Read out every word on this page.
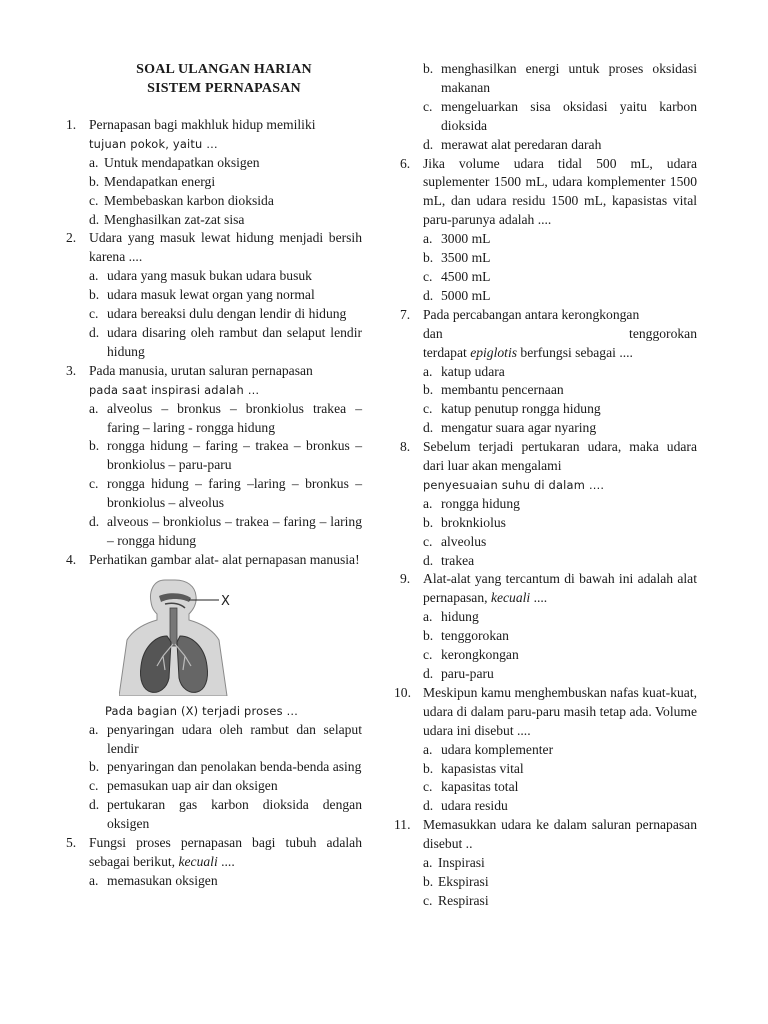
SOAL ULANGAN HARIAN
SISTEM PERNAPASAN
1. Pernapasan bagi makhluk hidup memiliki
tujuan pokok, yaitu …
a. Untuk mendapatkan oksigen
b. Mendapatkan energi
c. Membebaskan karbon dioksida
d. Menghasilkan zat-zat sisa
2. Udara yang masuk lewat hidung menjadi bersih karena ....
a. udara yang masuk bukan udara busuk
b. udara masuk lewat organ yang normal
c. udara bereaksi dulu dengan lendir di hidung
d. udara disaring oleh rambut dan selaput lendir hidung
3. Pada manusia, urutan saluran pernapasan
pada saat inspirasi adalah …
a. alveolus – bronkus – bronkiolus trakea – faring – laring - rongga hidung
b. rongga hidung – faring – trakea – bronkus – bronkiolus – paru-paru
c. rongga hidung – faring –laring – bronkus – bronkiolus – alveolus
d. alveous – bronkiolus – trakea – faring – laring – rongga hidung
4. Perhatikan gambar alat- alat pernapasan manusia!
X
Pada bagian (X) terjadi proses …
a. penyaringan udara oleh rambut dan selaput lendir
b. penyaringan dan penolakan benda-benda asing
c. pemasukan uap air dan oksigen
d. pertukaran gas karbon dioksida dengan oksigen
5. Fungsi proses pernapasan bagi tubuh adalah sebagai berikut, kecuali ....
a. memasukan oksigen
b. menghasilkan energi untuk proses oksidasi makanan
c. mengeluarkan sisa oksidasi yaitu karbon dioksida
d. merawat alat peredaran darah
6. Jika volume udara tidal 500 mL, udara suplementer 1500 mL, udara komplementer 1500 mL, dan udara residu 1500 mL, kapasistas vital paru-parunya adalah ....
a. 3000 mL
b. 3500 mL
c. 4500 mL
d. 5000 mL
7. Pada percabangan antara kerongkongan
dan	tenggorokan
terdapat epiglotis berfungsi sebagai ....
a. katup udara
b. membantu pencernaan
c. katup penutup rongga hidung
d. mengatur suara agar nyaring
8. Sebelum terjadi pertukaran udara, maka udara dari luar akan mengalami
penyesuaian suhu di dalam ….
a. rongga hidung
b. broknkiolus
c. alveolus
d. trakea
9. Alat-alat yang tercantum di bawah ini adalah alat pernapasan, kecuali ....
a. hidung
b. tenggorokan
c. kerongkongan
d. paru-paru
10. Meskipun kamu menghembuskan nafas kuat-kuat, udara di dalam paru-paru masih tetap ada. Volume udara ini disebut ....
a. udara komplementer
b. kapasistas vital
c. kapasitas total
d. udara residu
11. Memasukkan udara ke dalam saluran pernapasan disebut ..
a. Inspirasi
b. Ekspirasi
c. Respirasi
